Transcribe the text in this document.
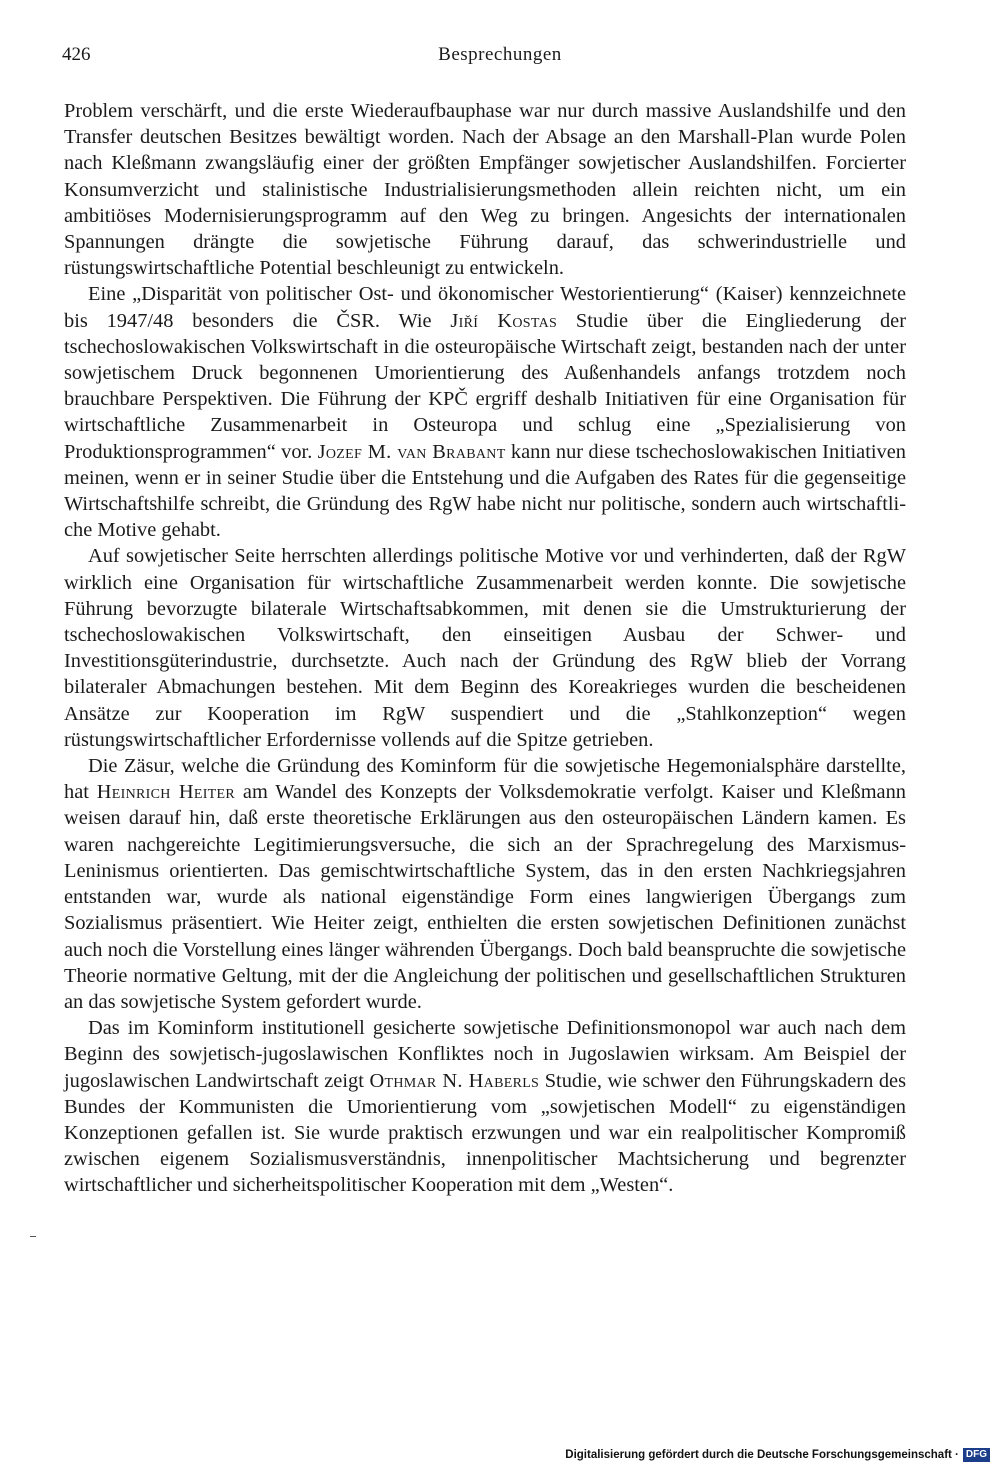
426	Besprechungen

Problem verschärft, und die erste Wiederaufbauphase war nur durch massive Auslandshilfe und den Transfer deutschen Besitzes bewältigt worden. Nach der Absage an den Marshall-Plan wurde Polen nach Kleßmann zwangsläufig einer der größten Empfänger sowjetischer Auslandshilfen. Forcierter Konsumverzicht und stalinistische Industrialisierungsmethoden allein reichten nicht, um ein ambitiöses Modernisierungsprogramm auf den Weg zu bringen. Angesichts der internationalen Spannungen drängte die sowjetische Führung darauf, das schwerindustrielle und rüstungswirtschaftliche Potential beschleunigt zu entwickeln.

Eine „Disparität von politischer Ost- und ökonomischer Westorientierung“ (Kaiser) kennzeichnete bis 1947/48 besonders die ČSR. Wie Jiří Kostas Studie über die Eingliederung der tschechoslowakischen Volkswirtschaft in die osteuropäische Wirtschaft zeigt, bestanden nach der unter sowjetischem Druck begonnenen Umorientierung des Außenhandels anfangs trotzdem noch brauchbare Perspektiven. Die Führung der KPČ ergriff deshalb Initiativen für eine Organisation für wirtschaftliche Zusammenarbeit in Osteuropa und schlug eine „Spezialisierung von Produktionsprogrammen“ vor. Jozef M. van Brabant kann nur diese tschechoslowakischen Initiativen meinen, wenn er in seiner Studie über die Entstehung und die Aufgaben des Rates für die gegenseitige Wirtschaftshilfe schreibt, die Gründung des RgW habe nicht nur politische, sondern auch wirtschaftliche Motive gehabt.

Auf sowjetischer Seite herrschten allerdings politische Motive vor und verhinderten, daß der RgW wirklich eine Organisation für wirtschaftliche Zusammenarbeit werden konnte. Die sowjetische Führung bevorzugte bilaterale Wirtschaftsabkommen, mit denen sie die Umstrukturierung der tschechoslowakischen Volkswirtschaft, den einseitigen Ausbau der Schwer- und Investitionsgüterindustrie, durchsetzte. Auch nach der Gründung des RgW blieb der Vorrang bilateraler Abmachungen bestehen. Mit dem Beginn des Koreakrieges wurden die bescheidenen Ansätze zur Kooperation im RgW suspendiert und die „Stahlkonzeption“ wegen rüstungswirtschaftlicher Erfordernisse vollends auf die Spitze getrieben.

Die Zäsur, welche die Gründung des Kominform für die sowjetische Hegemonialsphäre darstellte, hat Heinrich Heiter am Wandel des Konzepts der Volksdemokratie verfolgt. Kaiser und Kleßmann weisen darauf hin, daß erste theoretische Erklärungen aus den osteuropäischen Ländern kamen. Es waren nachgereichte Legitimierungsversuche, die sich an der Sprachregelung des Marxismus-Leninismus orientierten. Das gemischtwirtschaftliche System, das in den ersten Nachkriegsjahren entstanden war, wurde als national eigenständige Form eines langwierigen Übergangs zum Sozialismus präsentiert. Wie Heiter zeigt, enthielten die ersten sowjetischen Definitionen zunächst auch noch die Vorstellung eines länger währenden Übergangs. Doch bald beanspruchte die sowjetische Theorie normative Geltung, mit der die Angleichung der politischen und gesellschaftlichen Strukturen an das sowjetische System gefordert wurde.

Das im Kominform institutionell gesicherte sowjetische Definitionsmonopol war auch nach dem Beginn des sowjetisch-jugoslawischen Konfliktes noch in Jugoslawien wirksam. Am Beispiel der jugoslawischen Landwirtschaft zeigt Othmar N. Haberls Studie, wie schwer den Führungskadern des Bundes der Kommunisten die Umorientierung vom „sowjetischen Modell“ zu eigenständigen Konzeptionen gefallen ist. Sie wurde praktisch erzwungen und war ein realpolitischer Kompromiß zwischen eigenem Sozialismusverständnis, innenpolitischer Machtsicherung und begrenzter wirtschaftlicher und sicherheitspolitischer Kooperation mit dem „Westen“.

Digitalisierung gefördert durch die Deutsche Forschungsgemeinschaft · DFG
